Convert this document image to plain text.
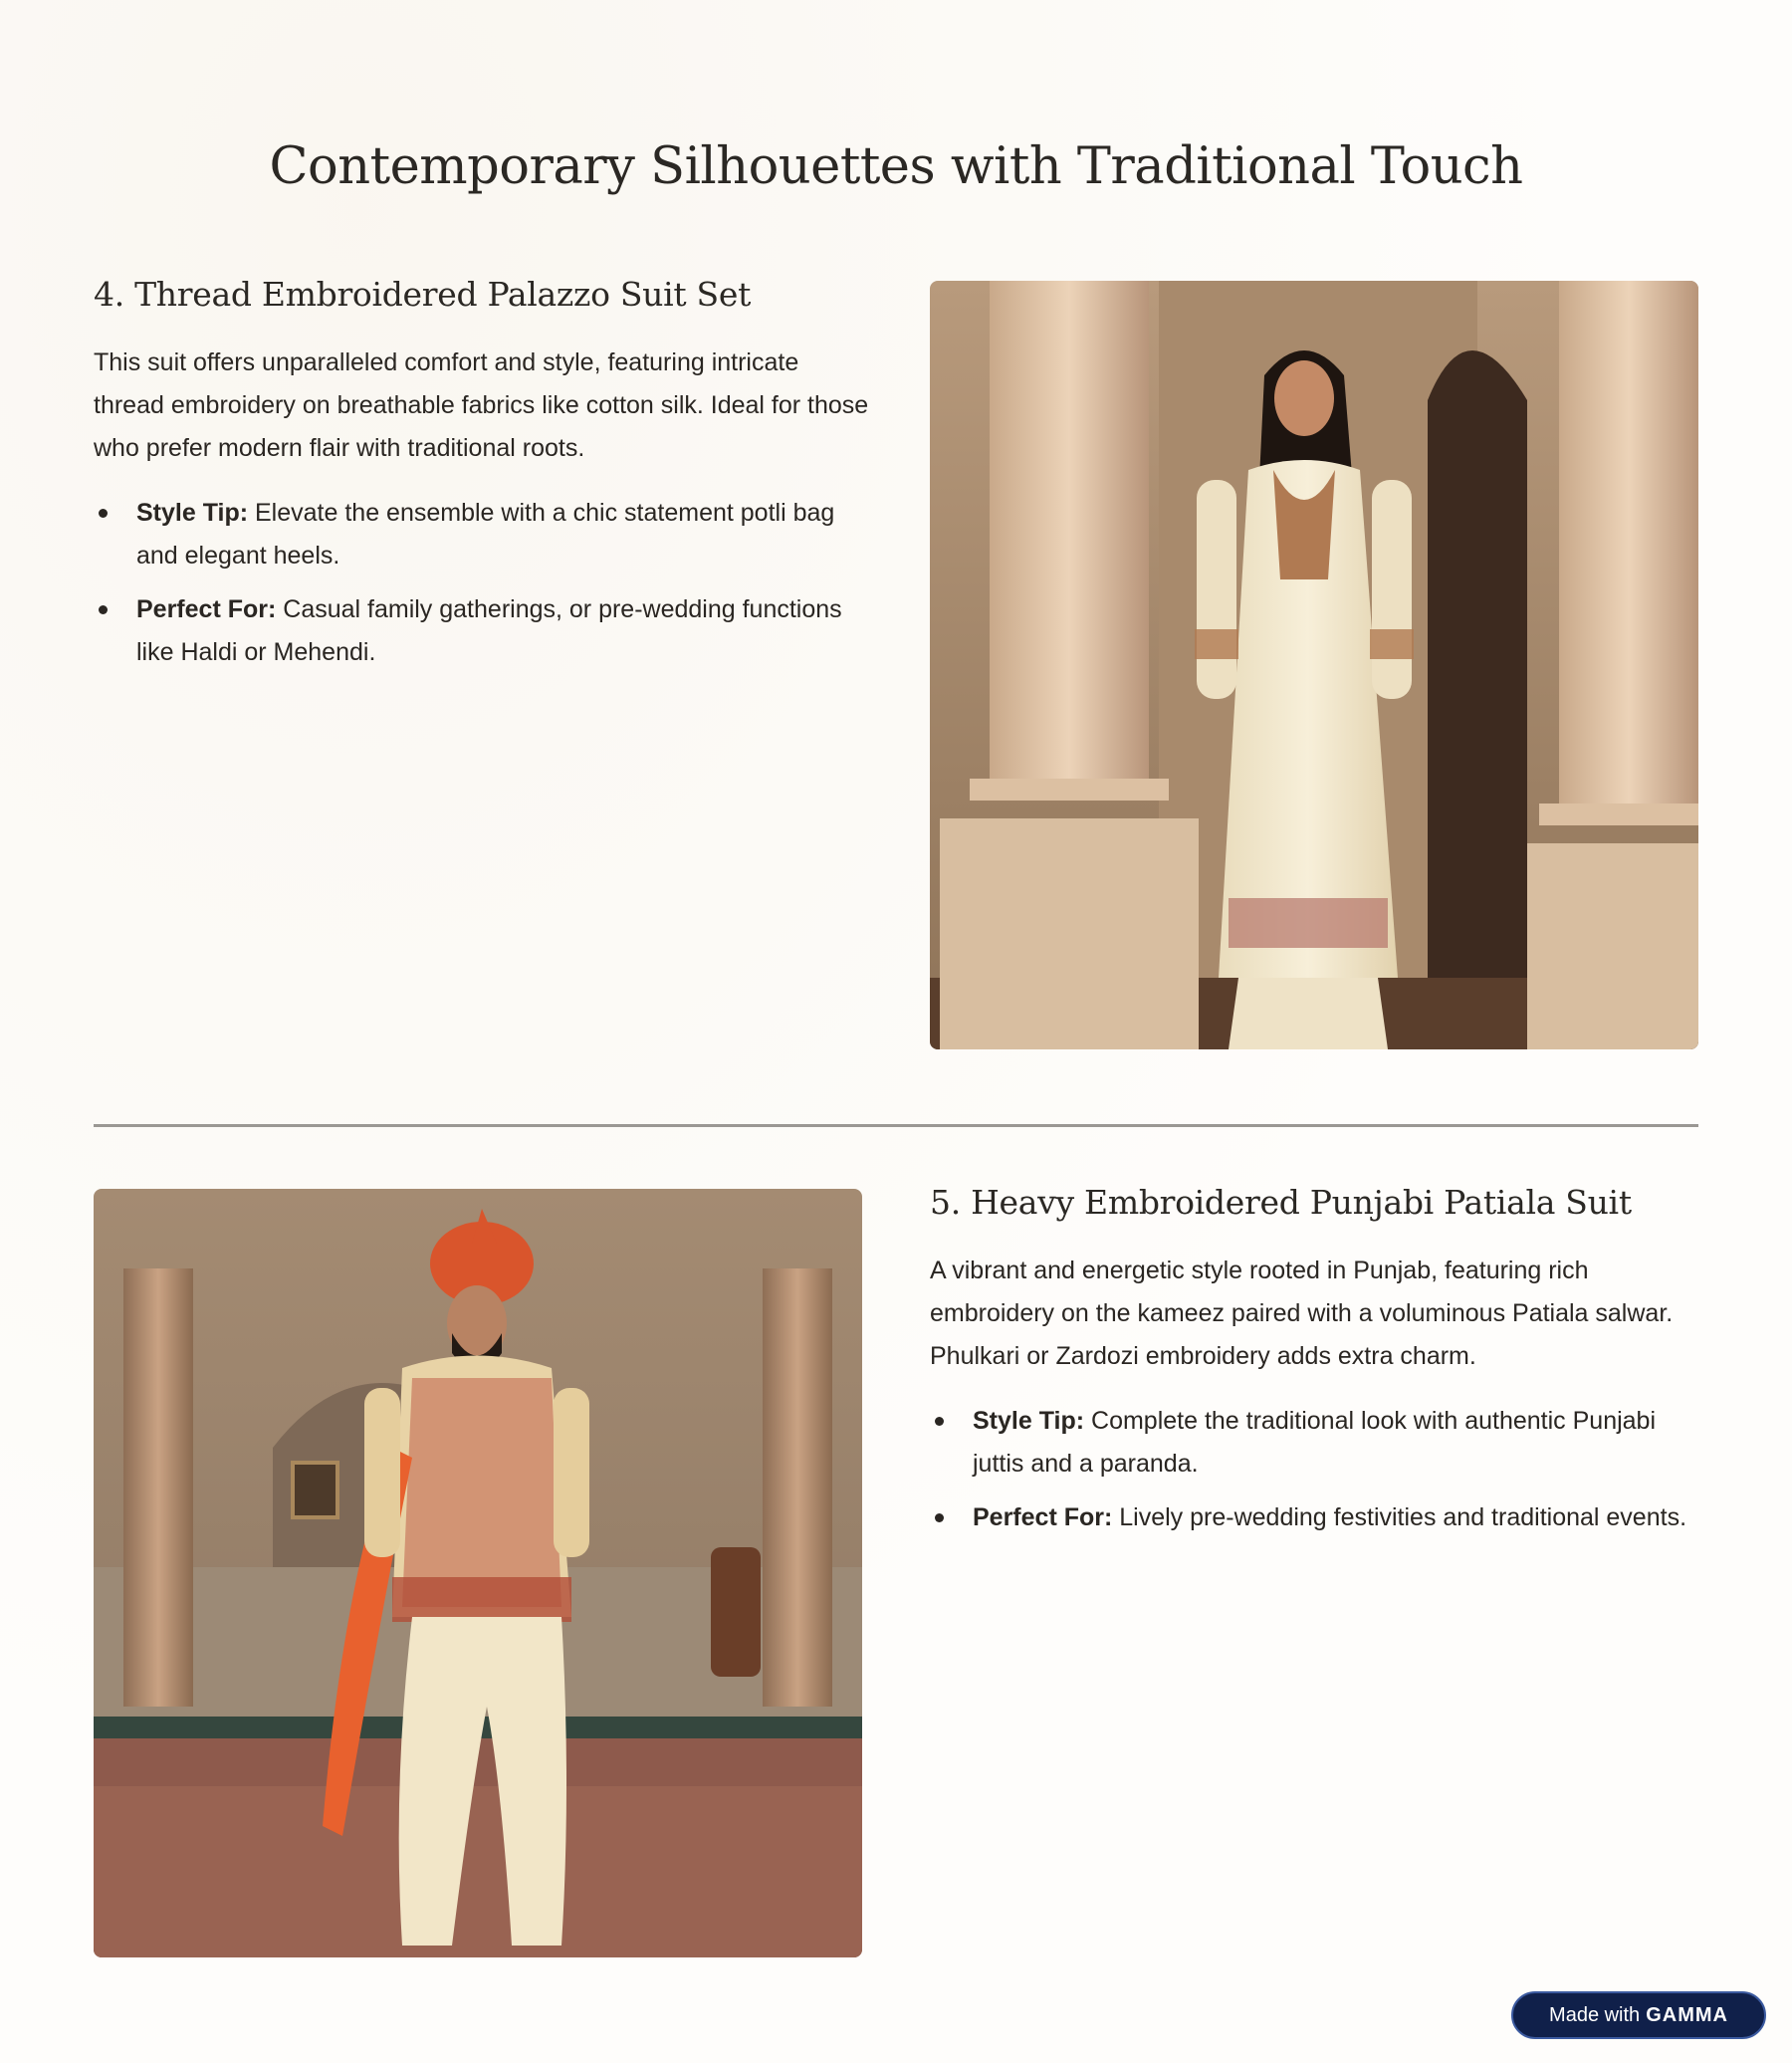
Contemporary Silhouettes with Traditional Touch
4. Thread Embroidered Palazzo Suit Set

This suit offers unparalleled comfort and style, featuring intricate thread embroidery on breathable fabrics like cotton silk. Ideal for those who prefer modern flair with traditional roots.

Style Tip: Elevate the ensemble with a chic statement potli bag and elegant heels.
Perfect For: Casual family gatherings, or pre-wedding functions like Haldi or Mehendi.
5. Heavy Embroidered Punjabi Patiala Suit

A vibrant and energetic style rooted in Punjab, featuring rich embroidery on the kameez paired with a voluminous Patiala salwar. Phulkari or Zardozi embroidery adds extra charm.

Style Tip: Complete the traditional look with authentic Punjabi juttis and a paranda.
Perfect For: Lively pre-wedding festivities and traditional events.
Made with GAMMA
